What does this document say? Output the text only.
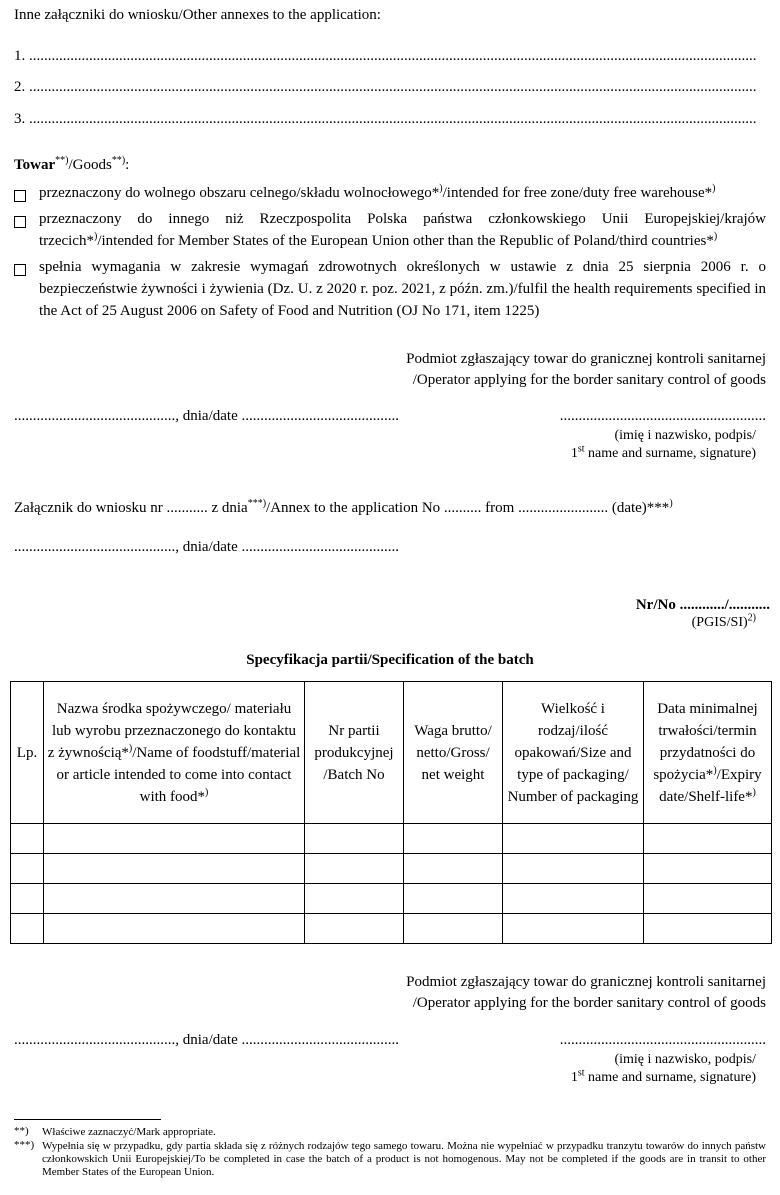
Inne załączniki do wniosku/Other annexes to the application:
1. ..................................................................................................................................................................................................
2. ..................................................................................................................................................................................................
3. ..................................................................................................................................................................................................
Towar**)/Goods**):
przeznaczony do wolnego obszaru celnego/składu wolnocłowego*)/intended for free zone/duty free warehouse*)
przeznaczony do innego niż Rzeczpospolita Polska państwa członkowskiego Unii Europejskiej/krajów trzecich*)/intended for Member States of the European Union other than the Republic of Poland/third countries*)
spełnia wymagania w zakresie wymagań zdrowotnych określonych w ustawie z dnia 25 sierpnia 2006 r. o bezpieczeństwie żywności i żywienia (Dz. U. z 2020 r. poz. 2021, z późn. zm.)/fulfil the health requirements specified in the Act of 25 August 2006 on Safety of Food and Nutrition (OJ No 171, item 1225)
Podmiot zgłaszający towar do granicznej kontroli sanitarnej
/Operator applying for the border sanitary control of goods
..........................................., dnia/date ..........................................	.......................................................
(imię i nazwisko, podpis/
1st name and surname, signature)
Załącznik do wniosku nr ........... z dnia***)/Annex to the application No .......... from ........................ (date)***)
..........................................., dnia/date ..........................................
Nr/No ............/...........
(PGIS/SI)$^{2)}$
Specyfikacja partii/Specification of the batch
Lp.	Nazwa środka spożywczego/ materiału lub wyrobu przeznaczonego do kontaktu z żywnością*)/Name of foodstuff/material or article intended to come into contact with food*)	Nr partii produkcyjnej /Batch No	Waga brutto/ netto/Gross/ net weight	Wielkość i rodzaj/ilość opakowań/Size and type of packaging/ Number of packaging	Data minimalnej trwałości/termin przydatności do spożycia*)/Expiry date/Shelf-life*)

Podmiot zgłaszający towar do granicznej kontroli sanitarnej
/Operator applying for the border sanitary control of goods
..........................................., dnia/date ..........................................	.......................................................
(imię i nazwisko, podpis/
1st name and surname, signature)
**)	Właściwe zaznaczyć/Mark appropriate.
***) Wypełnia się w przypadku, gdy partia składa się z różnych rodzajów tego samego towaru. Można nie wypełniać w przypadku tranzytu towarów do innych państw członkowskich Unii Europejskiej/To be completed in case the batch of a product is not homogenous. May not be completed if the goods are in transit to other Member States of the European Union.
